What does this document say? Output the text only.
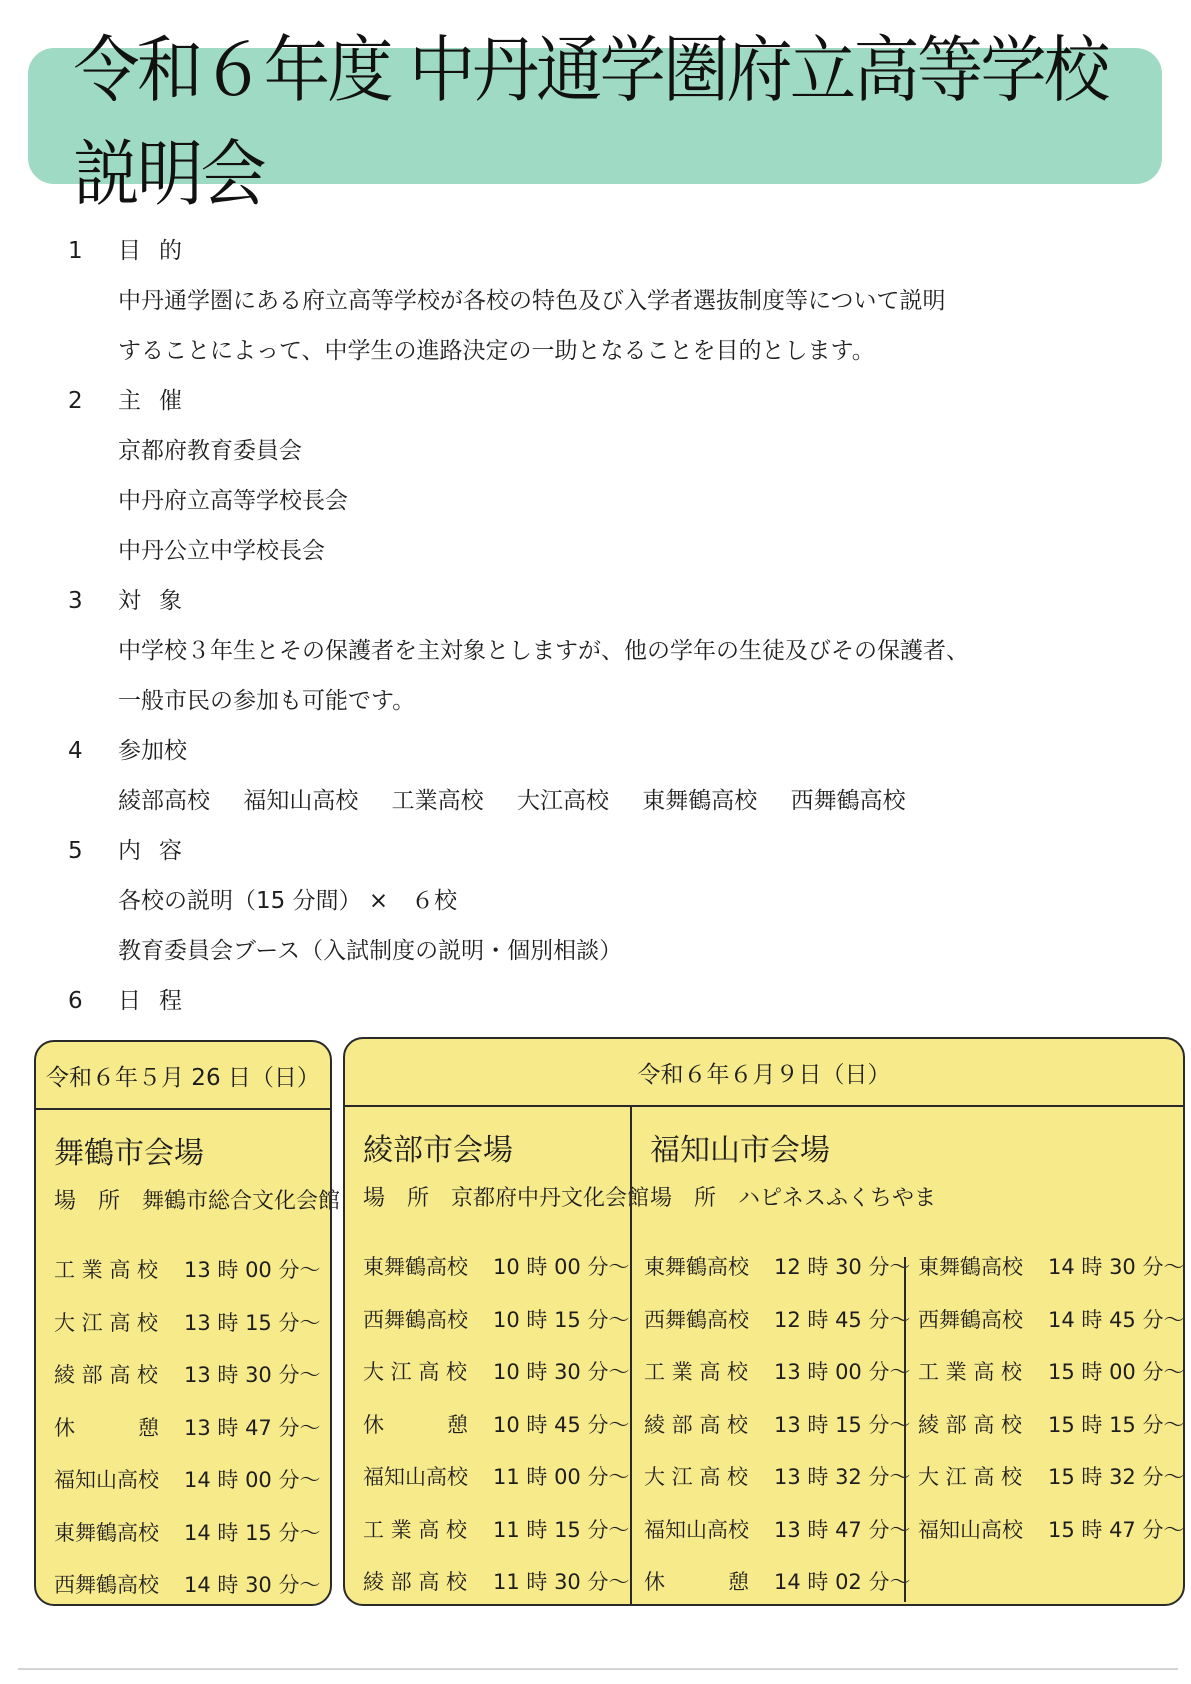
令和６年度 中丹通学圏府立高等学校説明会
1	目的
中丹通学圏にある府立高等学校が各校の特色及び入学者選抜制度等について説明
することによって、中学生の進路決定の一助となることを目的とします。
2	主催
京都府教育委員会
中丹府立高等学校長会
中丹公立中学校長会
3	対象
中学校３年生とその保護者を主対象としますが、他の学年の生徒及びその保護者、
一般市民の参加も可能です。
4	参加校
綾部高校 福知山高校 工業高校 大江高校 東舞鶴高校 西舞鶴高校
5	内容
各校の説明（15 分間） ×　６校
教育委員会ブース（入試制度の説明・個別相談）
6	日程
令和６年５月 26 日（日）
舞鶴市会場
場　所　舞鶴市総合文化会館
工 業 高 校	13 時 00 分～
大 江 高 校	13 時 15 分～
綾 部 高 校	13 時 30 分～
休　　　憩	13 時 47 分～
福知山高校	14 時 00 分～
東舞鶴高校	14 時 15 分～
西舞鶴高校	14 時 30 分～
令和６年６月９日（日）
綾部市会場
場　所　京都府中丹文化会館
東舞鶴高校	10 時 00 分～
西舞鶴高校	10 時 15 分～
大 江 高 校	10 時 30 分～
休　　　憩	10 時 45 分～
福知山高校	11 時 00 分～
工 業 高 校	11 時 15 分～
綾 部 高 校	11 時 30 分～
福知山市会場
場　所　ハピネスふくちやま
東舞鶴高校	12 時 30 分～
西舞鶴高校	12 時 45 分～
工 業 高 校	13 時 00 分～
綾 部 高 校	13 時 15 分～
大 江 高 校	13 時 32 分～
福知山高校	13 時 47 分～
休　　　憩	14 時 02 分～
東舞鶴高校	14 時 30 分～
西舞鶴高校	14 時 45 分～
工 業 高 校	15 時 00 分～
綾 部 高 校	15 時 15 分～
大 江 高 校	15 時 32 分～
福知山高校	15 時 47 分～
